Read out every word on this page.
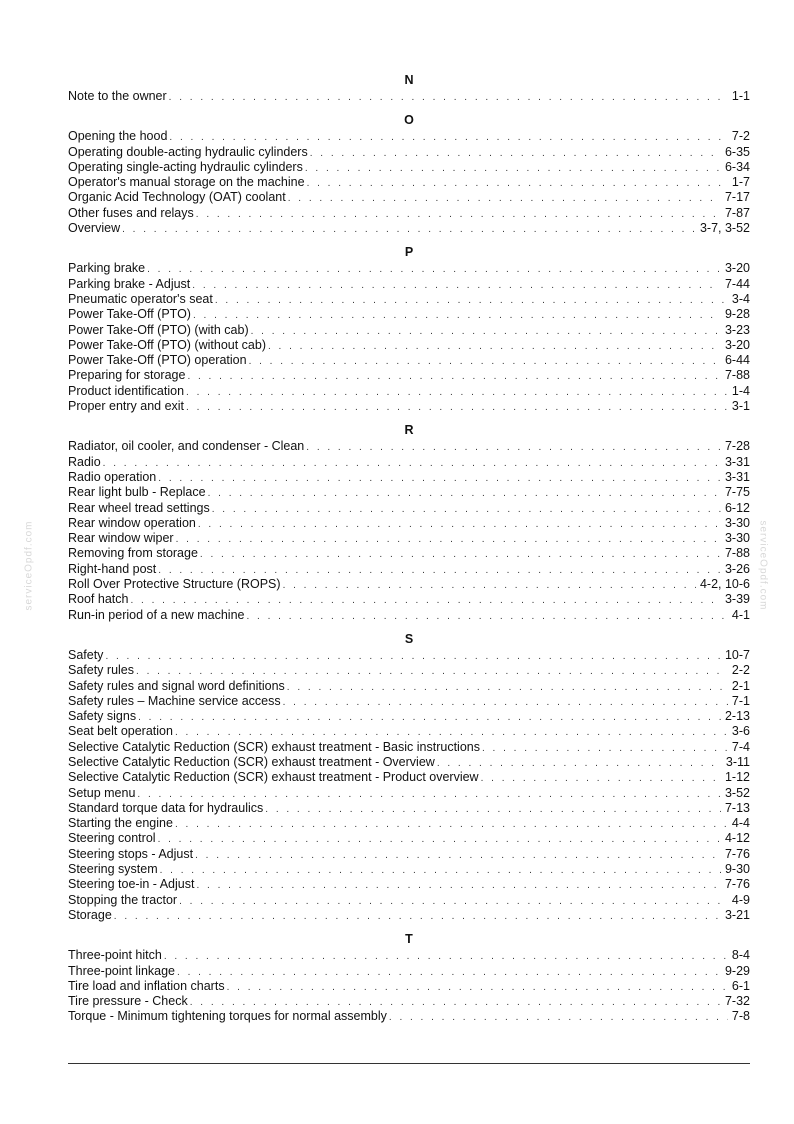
N
Note to the owner . . .	1-1
O
Opening the hood . . .	7-2
Operating double-acting hydraulic cylinders . . .	6-35
Operating single-acting hydraulic cylinders . . .	6-34
Operator's manual storage on the machine . . .	1-7
Organic Acid Technology (OAT) coolant . . .	7-17
Other fuses and relays . . .	7-87
Overview . . .	3-7, 3-52
P
Parking brake . . .	3-20
Parking brake - Adjust . . .	7-44
Pneumatic operator's seat . . .	3-4
Power Take-Off (PTO) . . .	9-28
Power Take-Off (PTO) (with cab) . . .	3-23
Power Take-Off (PTO) (without cab) . . .	3-20
Power Take-Off (PTO) operation . . .	6-44
Preparing for storage . . .	7-88
Product identification . . .	1-4
Proper entry and exit . . .	3-1
R
Radiator, oil cooler, and condenser - Clean . . .	7-28
Radio . . .	3-31
Radio operation . . .	3-31
Rear light bulb - Replace . . .	7-75
Rear wheel tread settings . . .	6-12
Rear window operation . . .	3-30
Rear window wiper . . .	3-30
Removing from storage . . .	7-88
Right-hand post . . .	3-26
Roll Over Protective Structure (ROPS) . . .	4-2, 10-6
Roof hatch . . .	3-39
Run-in period of a new machine . . .	4-1
S
Safety . . .	10-7
Safety rules . . .	2-2
Safety rules and signal word definitions . . .	2-1
Safety rules – Machine service access . . .	7-1
Safety signs . . .	2-13
Seat belt operation . . .	3-6
Selective Catalytic Reduction (SCR) exhaust treatment - Basic instructions . . .	7-4
Selective Catalytic Reduction (SCR) exhaust treatment - Overview . . .	3-11
Selective Catalytic Reduction (SCR) exhaust treatment - Product overview . . .	1-12
Setup menu . . .	3-52
Standard torque data for hydraulics . . .	7-13
Starting the engine . . .	4-4
Steering control . . .	4-12
Steering stops - Adjust . . .	7-76
Steering system . . .	9-30
Steering toe-in - Adjust . . .	7-76
Stopping the tractor . . .	4-9
Storage . . .	3-21
T
Three-point hitch . . .	8-4
Three-point linkage . . .	9-29
Tire load and inflation charts . . .	6-1
Tire pressure - Check . . .	7-32
Torque - Minimum tightening torques for normal assembly . . .	7-8
serviceOpdf.com	serviceOpdf.com
